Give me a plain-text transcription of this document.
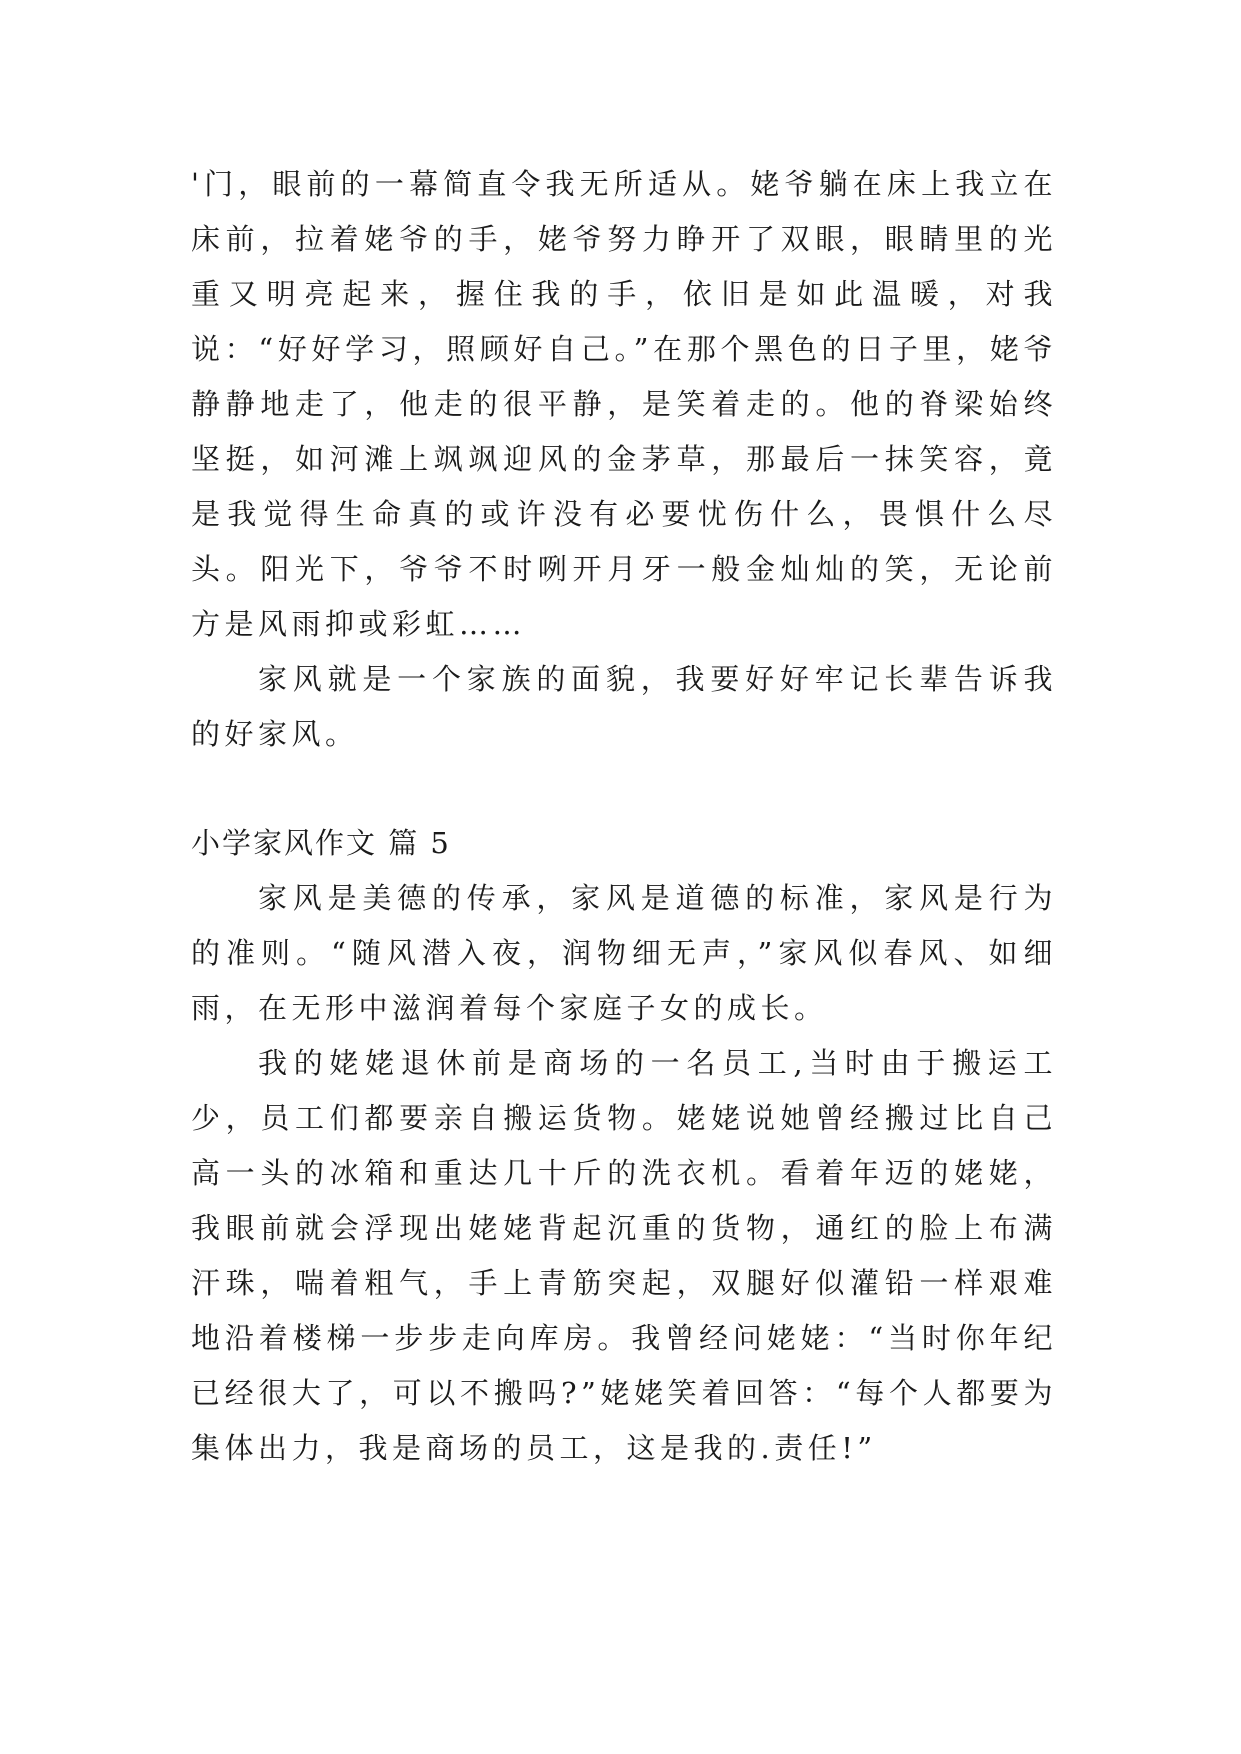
'门，眼前的一幕简直令我无所适从。姥爷躺在床上我立在床前，拉着姥爷的手，姥爷努力睁开了双眼，眼睛里的光重又明亮起来，握住我的手，依旧是如此温暖，对我说：“好好学习，照顾好自己。”在那个黑色的日子里，姥爷静静地走了，他走的很平静，是笑着走的。他的脊梁始终坚挺，如河滩上飒飒迎风的金茅草，那最后一抹笑容，竟是我觉得生命真的或许没有必要忧伤什么，畏惧什么尽头。阳光下，爷爷不时咧开月牙一般金灿灿的笑，无论前方是风雨抑或彩虹……

家风就是一个家族的面貌，我要好好牢记长辈告诉我的好家风。

小学家风作文 篇 5

家风是美德的传承，家风是道德的标准，家风是行为的准则。“随风潜入夜，润物细无声，”家风似春风、如细雨，在无形中滋润着每个家庭子女的成长。

我的姥姥退休前是商场的一名员工,当时由于搬运工少，员工们都要亲自搬运货物。姥姥说她曾经搬过比自己高一头的冰箱和重达几十斤的洗衣机。看着年迈的姥姥，我眼前就会浮现出姥姥背起沉重的货物，通红的脸上布满汗珠，喘着粗气，手上青筋突起，双腿好似灌铅一样艰难地沿着楼梯一步步走向库房。我曾经问姥姥：“当时你年纪已经很大了，可以不搬吗?”姥姥笑着回答：“每个人都要为集体出力，我是商场的员工，这是我的.责任!”
